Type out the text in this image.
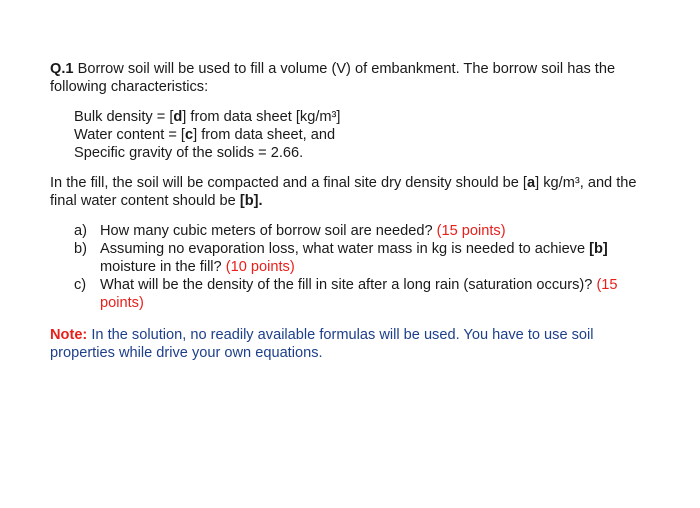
Q.1 Borrow soil will be used to fill a volume (V) of embankment. The borrow soil has the following characteristics:

Bulk density = [d] from data sheet [kg/m³]

Water content = [c] from data sheet, and

Specific gravity of the solids = 2.66.

In the fill, the soil will be compacted and a final site dry density should be [a] kg/m³, and the final water content should be [b].

a) How many cubic meters of borrow soil are needed? (15 points)
b) Assuming no evaporation loss, what water mass in kg is needed to achieve [b] moisture in the fill? (10 points)
c) What will be the density of the fill in site after a long rain (saturation occurs)? (15 points)

Note: In the solution, no readily available formulas will be used. You have to use soil properties while drive your own equations.
